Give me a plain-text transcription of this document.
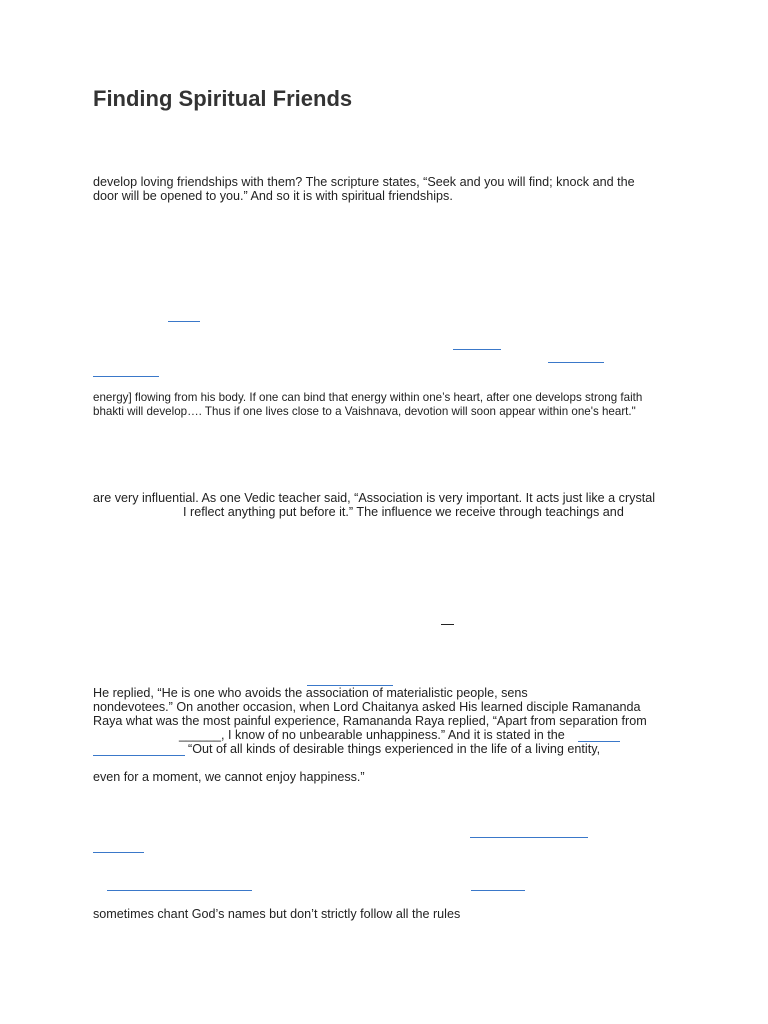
Finding Spiritual Friends
develop loving friendships with them? The scripture states, “Seek and you will find; knock and the
door will be opened to you.” And so it is with spiritual friendships.
energy] flowing from his body. If one can bind that energy within one’s heart, after one develops strong faith
bhakti will develop…. Thus if one lives close to a Vaishnava, devotion will soon appear within one's heart."
are very influential. As one Vedic teacher said, “Association is very important. It acts just like a crystal
I reflect anything put before it.” The influence we receive through teachings and
He replied, “He is one who avoids the association of materialistic people, sens
nondevotees.” On another occasion, when Lord Chaitanya asked His learned disciple Ramananda
Raya what was the most painful experience, Ramananda Raya replied, “Apart from separation from
______, I know of no unbearable unhappiness.” And it is stated in the
“Out of all kinds of desirable things experienced in the life of a living entity,
even for a moment, we cannot enjoy happiness.”
sometimes chant God’s names but don’t strictly follow all the rules
